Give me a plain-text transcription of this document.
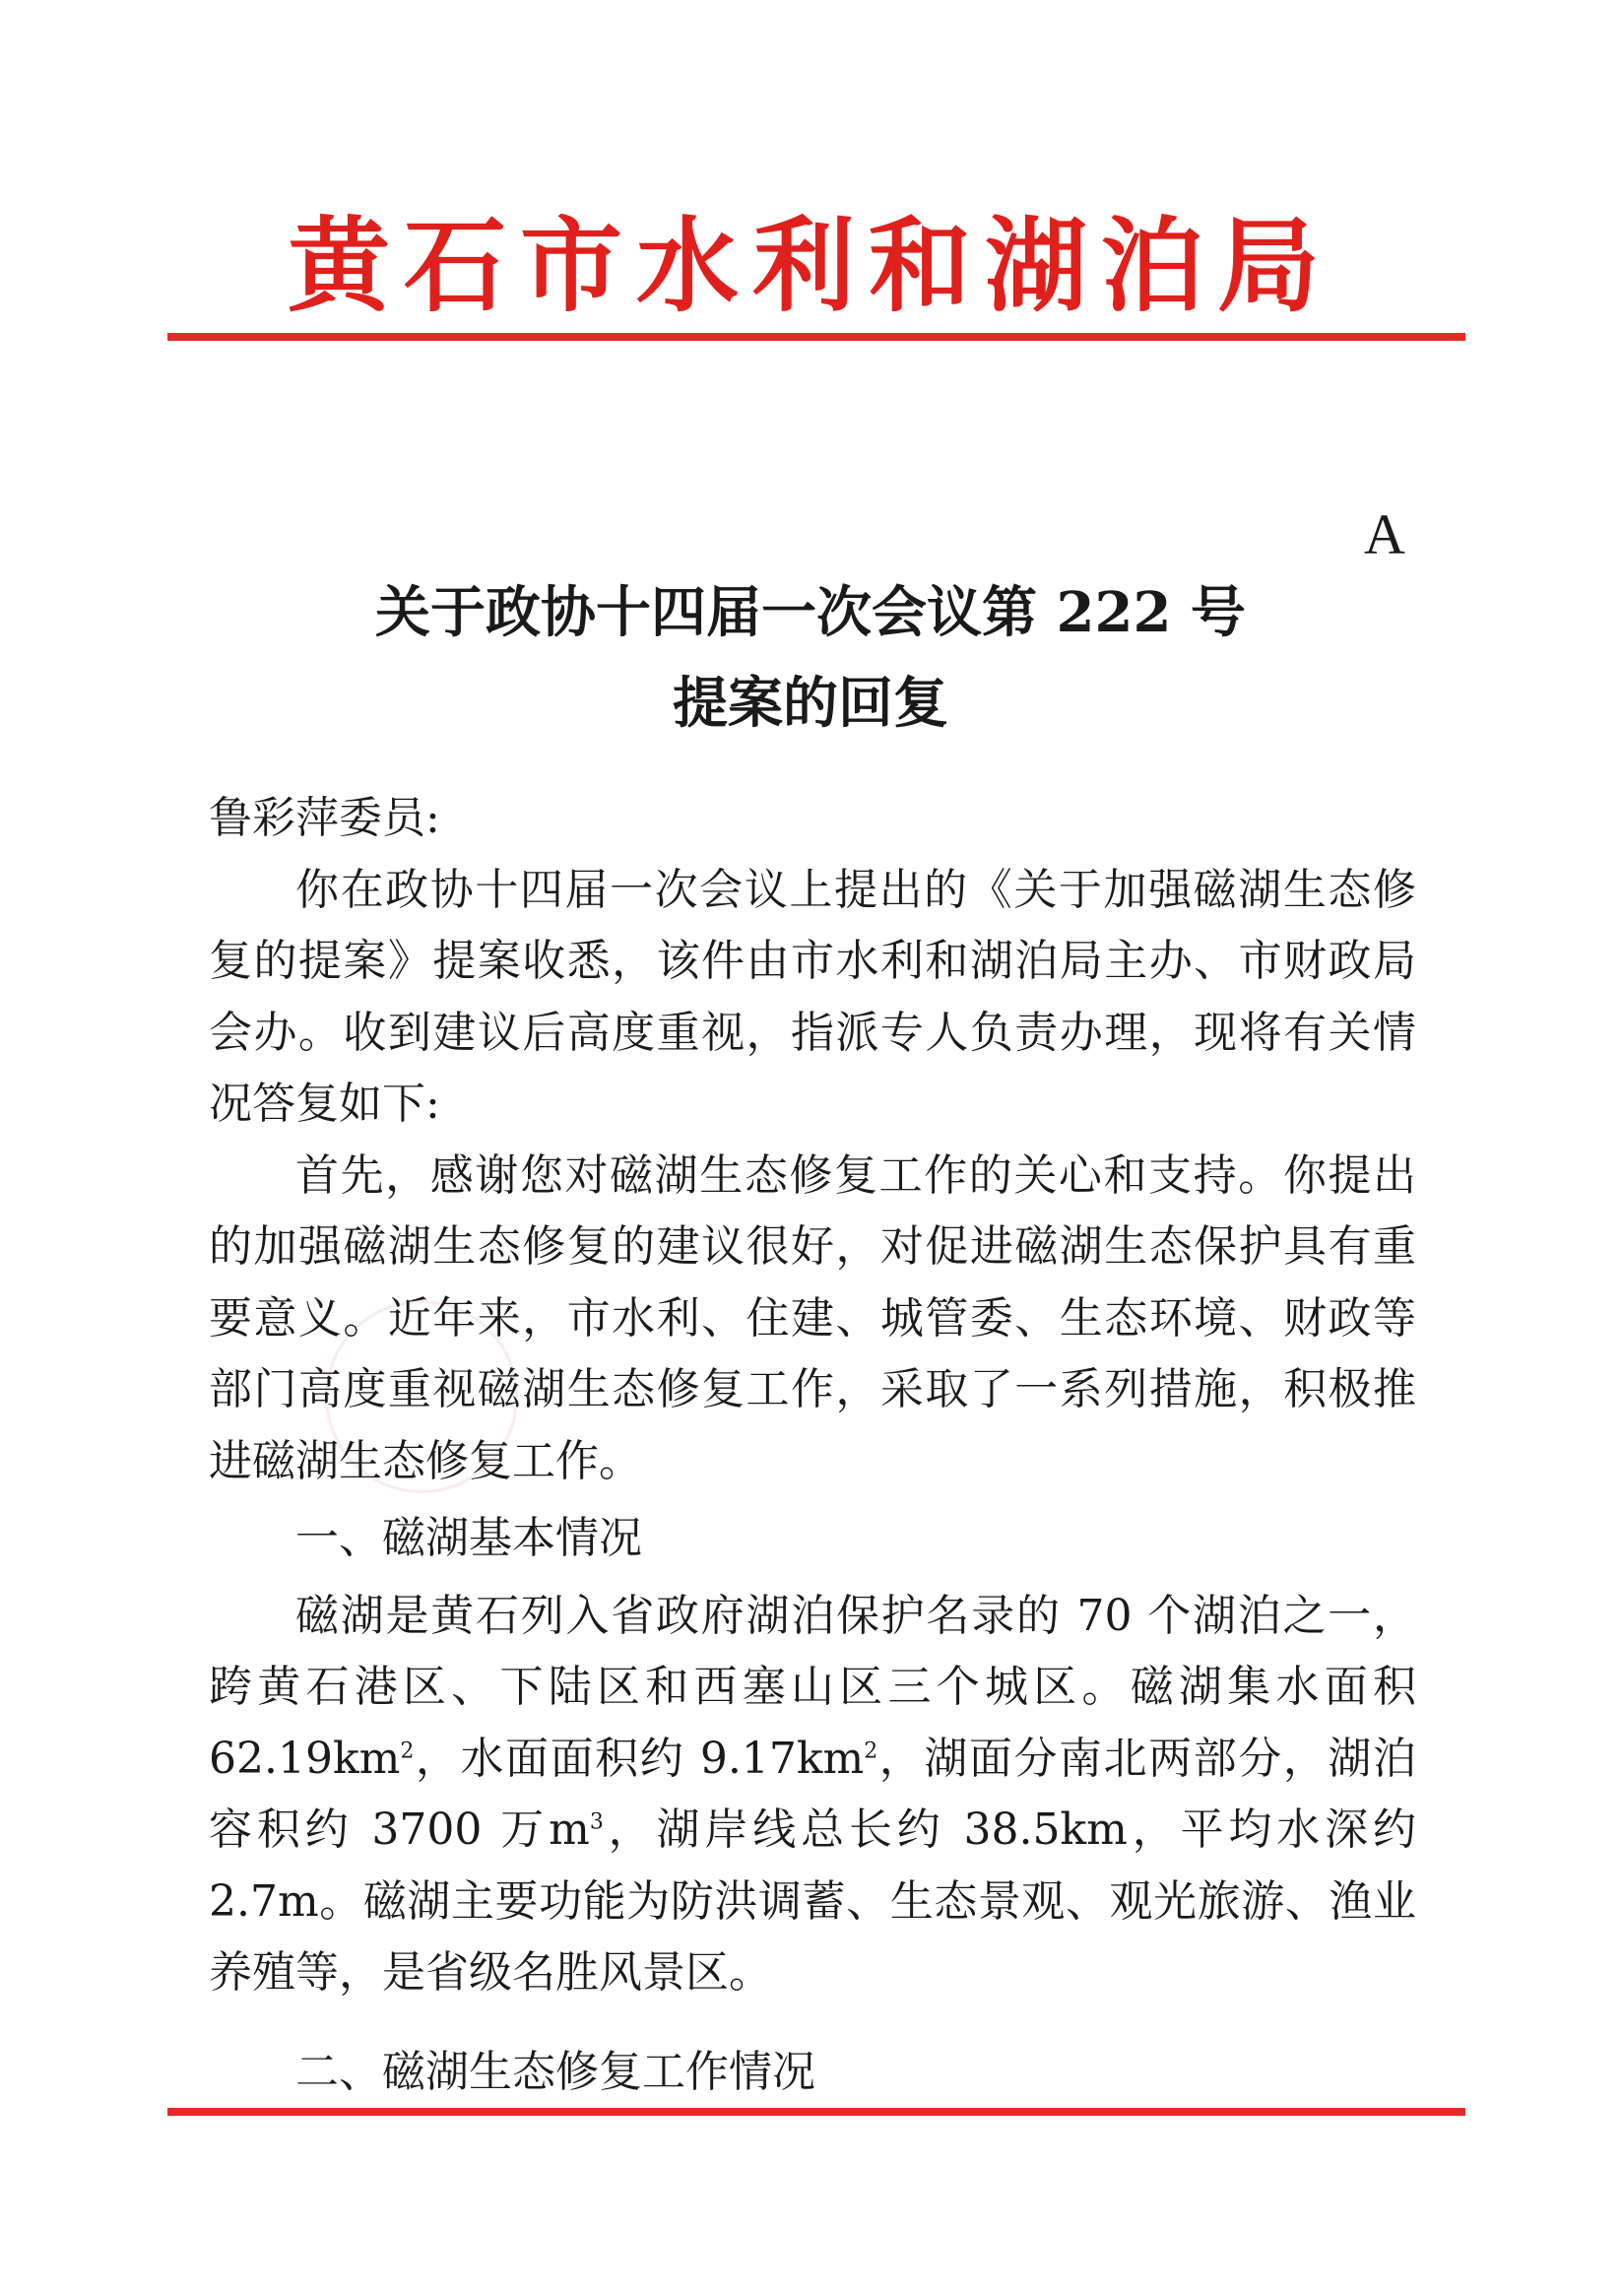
黄石市水利和湖泊局
A
关于政协十四届一次会议第 222 号
提案的回复

鲁彩萍委员:

你在政协十四届一次会议上提出的《关于加强磁湖生态修复的提案》提案收悉，该件由市水利和湖泊局主办、市财政局会办。收到建议后高度重视，指派专人负责办理，现将有关情况答复如下:

首先，感谢您对磁湖生态修复工作的关心和支持。你提出的加强磁湖生态修复的建议很好，对促进磁湖生态保护具有重要意义。近年来，市水利、住建、城管委、生态环境、财政等部门高度重视磁湖生态修复工作，采取了一系列措施，积极推进磁湖生态修复工作。

一、磁湖基本情况

磁湖是黄石列入省政府湖泊保护名录的 70 个湖泊之一，跨黄石港区、下陆区和西塞山区三个城区。磁湖集水面积 $62.19km^2$，水面面积约 $9.17km^2$，湖面分南北两部分，湖泊容积约 3700 万$m^3$，湖岸线总长约 38.5km，平均水深约 2.7m。磁湖主要功能为防洪调蓄、生态景观、观光旅游、渔业养殖等，是省级名胜风景区。

二、磁湖生态修复工作情况
